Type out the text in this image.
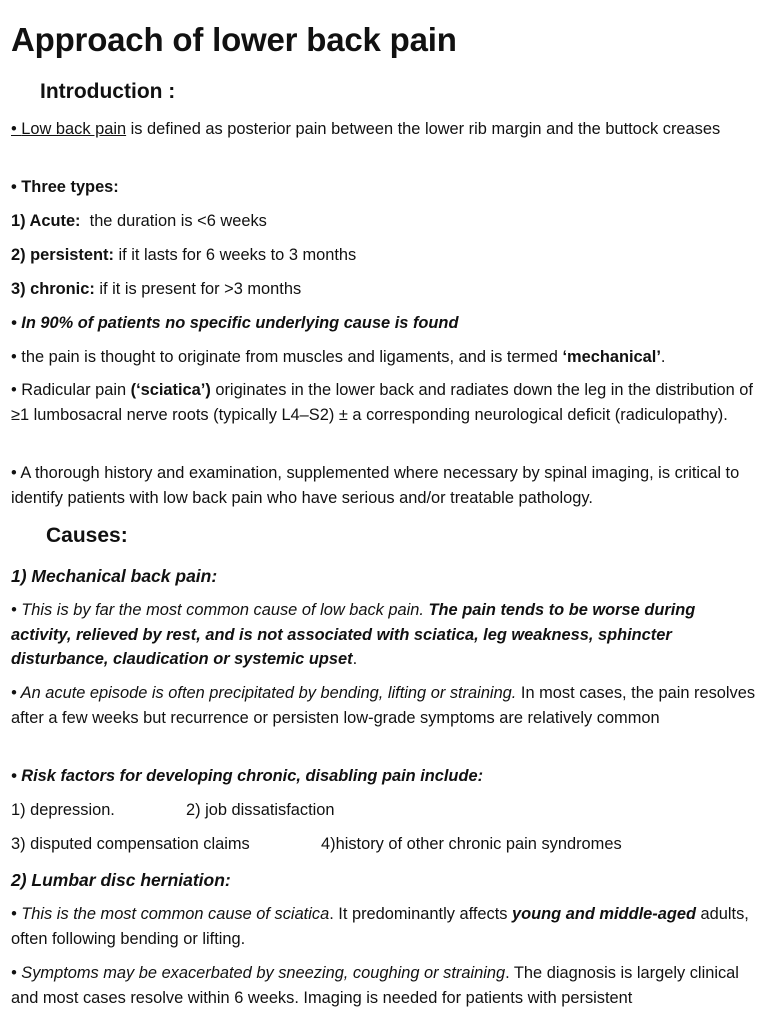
Approach of lower back pain
Introduction :

• Low back pain is defined as posterior pain between the lower rib margin and the buttock creases

• Three types:

1) Acute:  the duration is <6 weeks

2) persistent: if it lasts for 6 weeks to 3 months

3) chronic: if it is present for >3 months

• In 90% of patients no specific underlying cause is found

• the pain is thought to originate from muscles and ligaments, and is termed ‘mechanical’.

• Radicular pain (‘sciatica’) originates in the lower back and radiates down the leg in the distribution of ≥1 lumbosacral nerve roots (typically L4–S2) ± a corresponding neurological deficit (radiculopathy).

• A thorough history and examination, supplemented where necessary by spinal imaging, is critical to identify patients with low back pain who have serious and/or treatable pathology.

Causes:
1) Mechanical back pain:

• This is by far the most common cause of low back pain. The pain tends to be worse during activity, relieved by rest, and is not associated with sciatica, leg weakness, sphincter disturbance, claudication or systemic upset.

• An acute episode is often precipitated by bending, lifting or straining. In most cases, the pain resolves after a few weeks but recurrence or persisten low-grade symptoms are relatively common

• Risk factors for developing chronic, disabling pain include:

1) depression.	2) job dissatisfaction

3) disputed compensation claims	4)history of other chronic pain syndromes

2) Lumbar disc herniation:

• This is the most common cause of sciatica. It predominantly affects young and middle-aged adults, often following bending or lifting.

• Symptoms may be exacerbated by sneezing, coughing or straining. The diagnosis is largely clinical and most cases resolve within 6 weeks. Imaging is needed for patients with persistent
